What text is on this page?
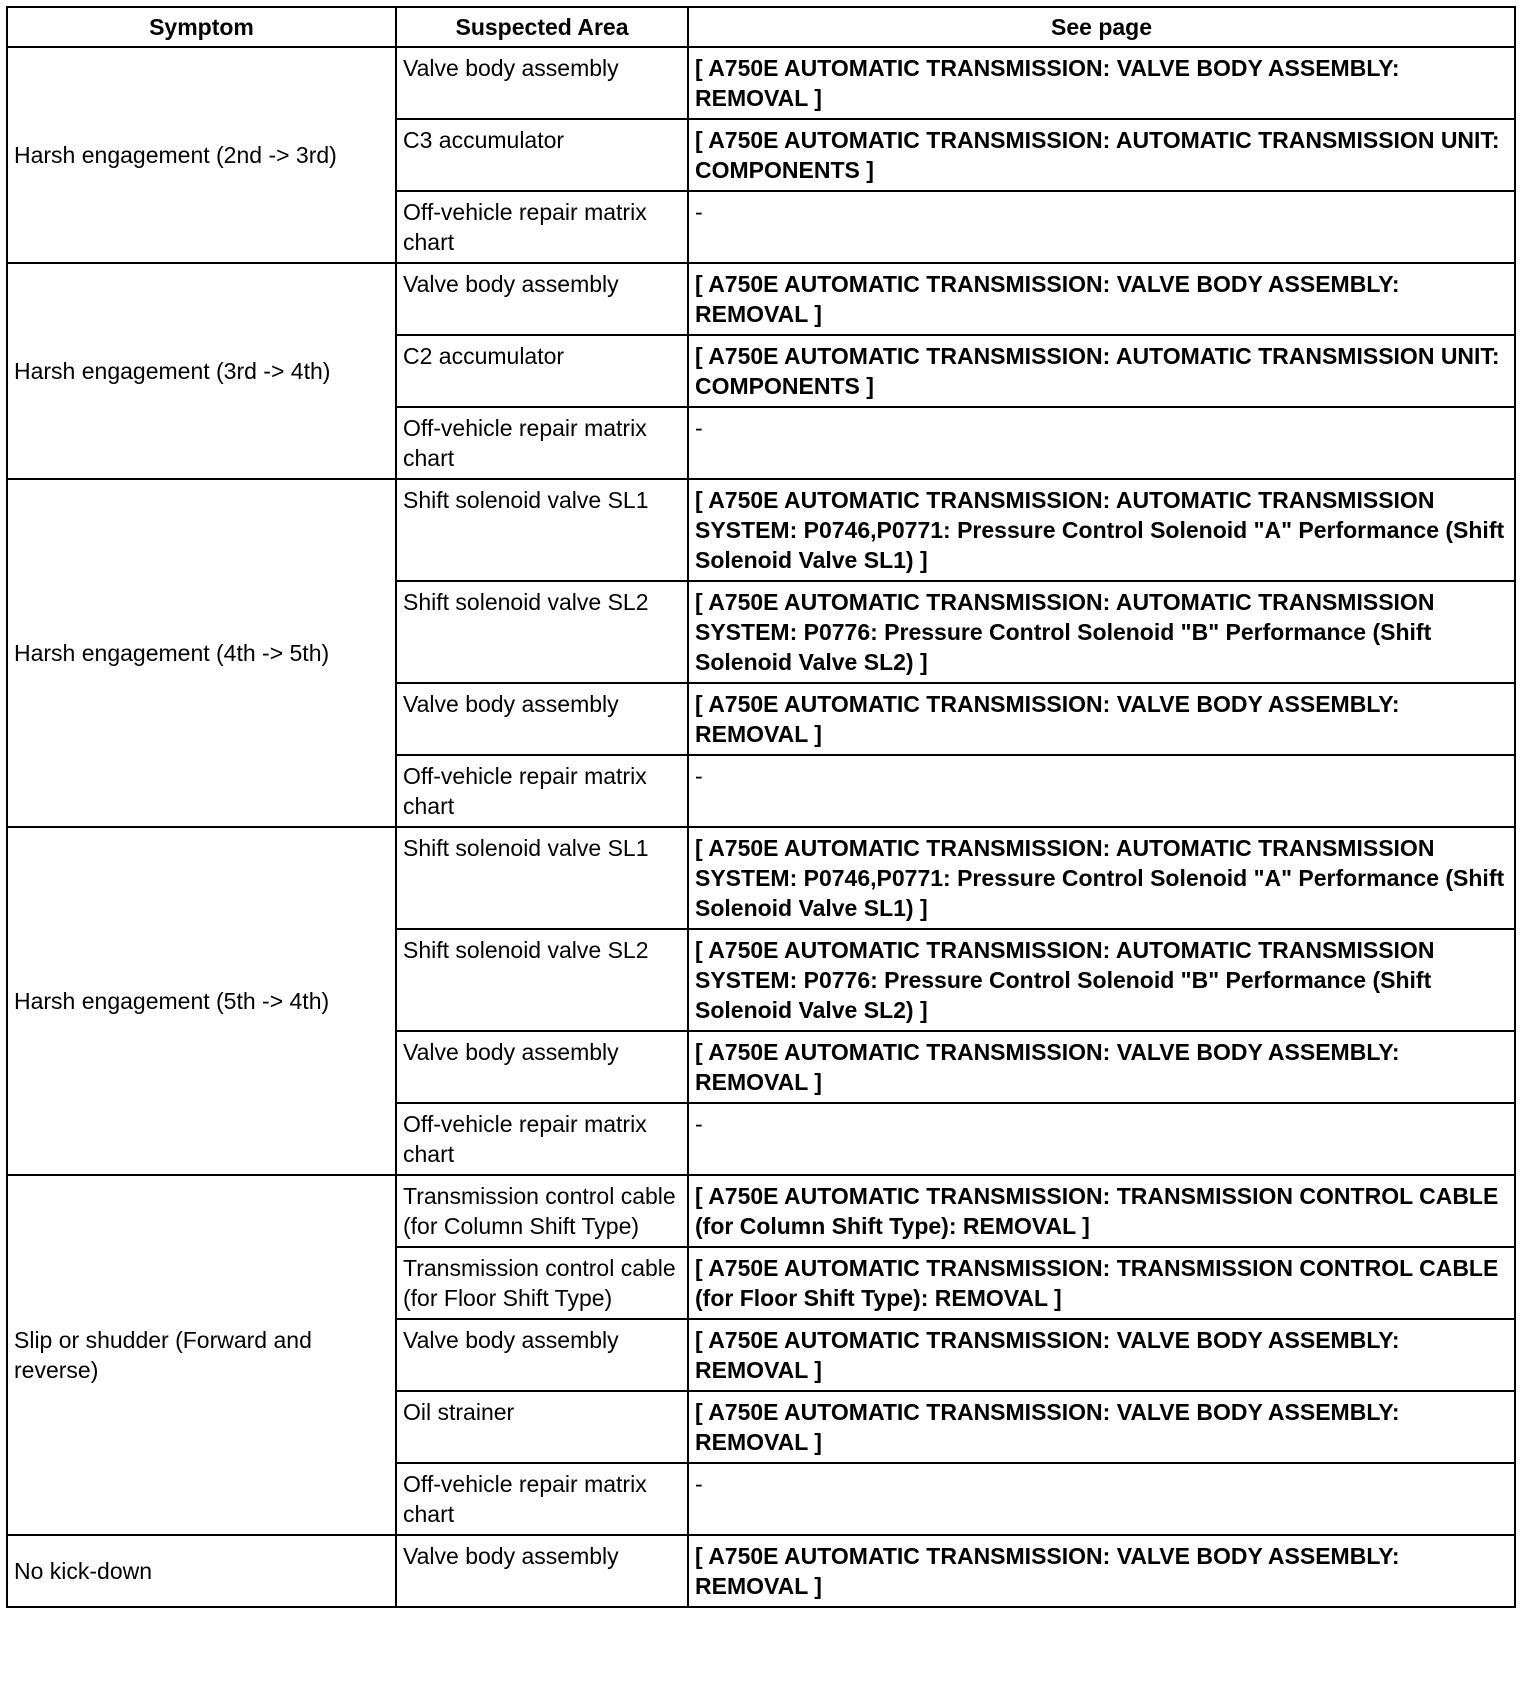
Symptom	Suspected Area	See page
Harsh engagement (2nd -> 3rd)	Valve body assembly	[ A750E AUTOMATIC TRANSMISSION: VALVE BODY ASSEMBLY: REMOVAL ]
	C3 accumulator	[ A750E AUTOMATIC TRANSMISSION: AUTOMATIC TRANSMISSION UNIT: COMPONENTS ]
	Off-vehicle repair matrix chart	-
Harsh engagement (3rd -> 4th)	Valve body assembly	[ A750E AUTOMATIC TRANSMISSION: VALVE BODY ASSEMBLY: REMOVAL ]
	C2 accumulator	[ A750E AUTOMATIC TRANSMISSION: AUTOMATIC TRANSMISSION UNIT: COMPONENTS ]
	Off-vehicle repair matrix chart	-
Harsh engagement (4th -> 5th)	Shift solenoid valve SL1	[ A750E AUTOMATIC TRANSMISSION: AUTOMATIC TRANSMISSION SYSTEM: P0746,P0771: Pressure Control Solenoid "A" Performance (Shift Solenoid Valve SL1) ]
	Shift solenoid valve SL2	[ A750E AUTOMATIC TRANSMISSION: AUTOMATIC TRANSMISSION SYSTEM: P0776: Pressure Control Solenoid "B" Performance (Shift Solenoid Valve SL2) ]
	Valve body assembly	[ A750E AUTOMATIC TRANSMISSION: VALVE BODY ASSEMBLY: REMOVAL ]
	Off-vehicle repair matrix chart	-
Harsh engagement (5th -> 4th)	Shift solenoid valve SL1	[ A750E AUTOMATIC TRANSMISSION: AUTOMATIC TRANSMISSION SYSTEM: P0746,P0771: Pressure Control Solenoid "A" Performance (Shift Solenoid Valve SL1) ]
	Shift solenoid valve SL2	[ A750E AUTOMATIC TRANSMISSION: AUTOMATIC TRANSMISSION SYSTEM: P0776: Pressure Control Solenoid "B" Performance (Shift Solenoid Valve SL2) ]
	Valve body assembly	[ A750E AUTOMATIC TRANSMISSION: VALVE BODY ASSEMBLY: REMOVAL ]
	Off-vehicle repair matrix chart	-
Slip or shudder (Forward and reverse)	Transmission control cable (for Column Shift Type)	[ A750E AUTOMATIC TRANSMISSION: TRANSMISSION CONTROL CABLE (for Column Shift Type): REMOVAL ]
	Transmission control cable (for Floor Shift Type)	[ A750E AUTOMATIC TRANSMISSION: TRANSMISSION CONTROL CABLE (for Floor Shift Type): REMOVAL ]
	Valve body assembly	[ A750E AUTOMATIC TRANSMISSION: VALVE BODY ASSEMBLY: REMOVAL ]
	Oil strainer	[ A750E AUTOMATIC TRANSMISSION: VALVE BODY ASSEMBLY: REMOVAL ]
	Off-vehicle repair matrix chart	-
No kick-down	Valve body assembly	[ A750E AUTOMATIC TRANSMISSION: VALVE BODY ASSEMBLY: REMOVAL ]
